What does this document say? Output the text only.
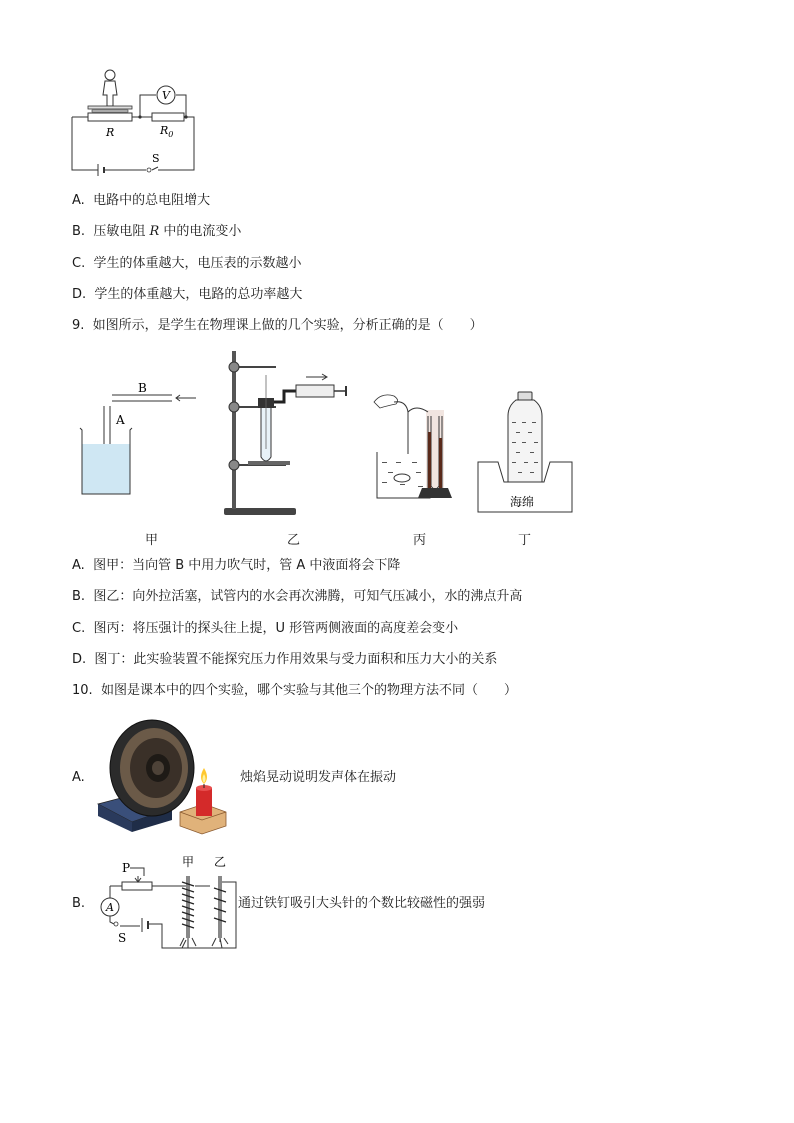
V
S
R	$R_0$
A. 电路中的总电阻增大
B. 压敏电阻 R 中的电流变小
C. 学生的体重越大，电压表的示数越小
D. 学生的体重越大，电路的总功率越大
9. 如图所示，是学生在物理课上做的几个实验，分析正确的是（　　）
B
A
海绵
甲	乙	丙	丁
A. 图甲：当向管 B 中用力吹气时，管 A 中液面将会下降
B. 图乙：向外拉活塞，试管内的水会再次沸腾，可知气压减小，水的沸点升高
C. 图丙：将压强计的探头往上提，U 形管两侧液面的高度差会变小
D. 图丁：此实验装置不能探究压力作用效果与受力面积和压力大小的关系
10. 如图是课本中的四个实验，哪个实验与其他三个的物理方法不同（　　）
A.	烛焰晃动说明发声体在振动
B.
P
A
S
甲 乙
通过铁钉吸引大头针的个数比较磁性的强弱
